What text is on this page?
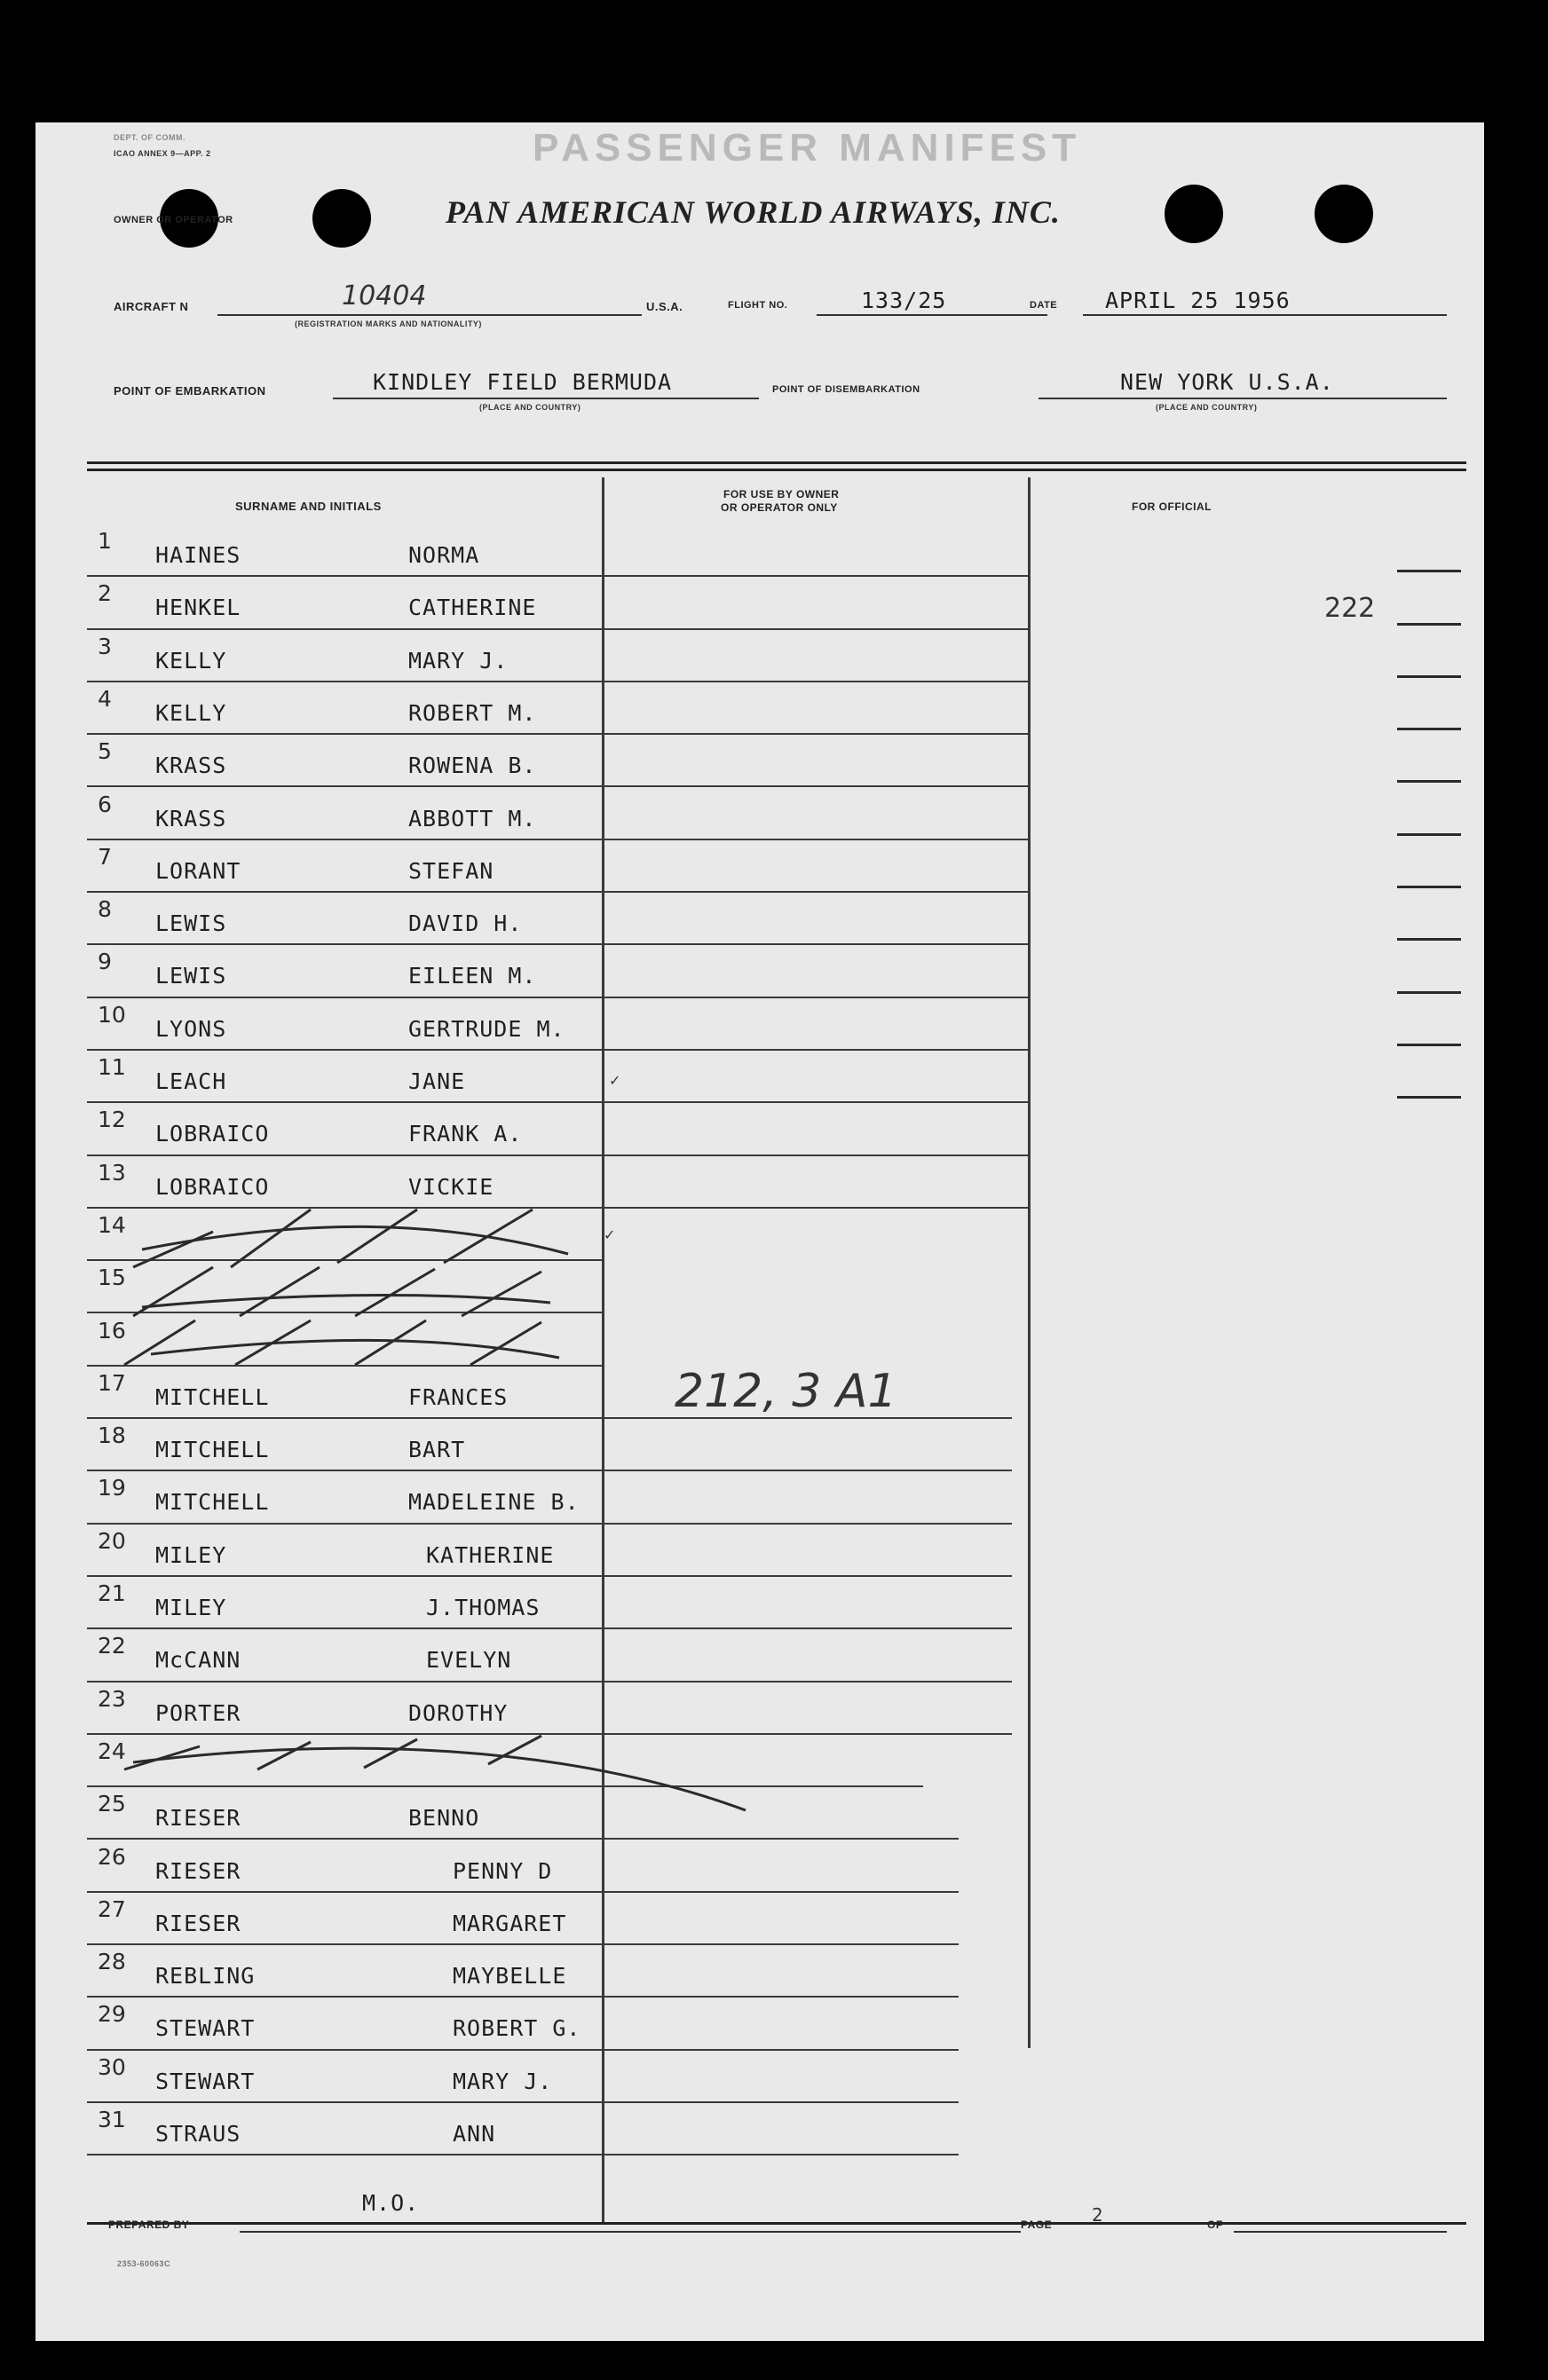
DEPT. OF COMM.
ICAO ANNEX 9—APP. 2	PASSENGER MANIFEST
OWNER OR OPERATOR	PAN AMERICAN WORLD AIRWAYS, INC.
AIRCRAFT N	10404
(REGISTRATION MARKS AND NATIONALITY)
U.S.A.	FLIGHT NO.	133/25	DATE APRIL 25 1956
POINT OF EMBARKATION	KINDLEY FIELD BERMUDA
(PLACE AND COUNTRY)
POINT OF DISEMBARKATION	NEW YORK U.S.A.
(PLACE AND COUNTRY)
SURNAME AND INITIALS
FOR USE BY OWNER
OR OPERATOR ONLY	FOR OFFICIAL
1
HAINES	NORMA
2
HENKEL	CATHERINE
3
KELLY	MARY J.
4
KELLY	ROBERT M.
5
KRASS	ROWENA B.
6
KRASS	ABBOTT M.
7
LORANT	STEFAN
8
LEWIS	DAVID H.
9
LEWIS	EILEEN M.
10
LYONS	GERTRUDE M.
11
LEACH	JANE
12
LOBRAICO	FRANK A.
13
LOBRAICO	VICKIE
14
15
16
17
MITCHELL	FRANCES
18
MITCHELL	BART
19
MITCHELL	MADELEINE B.
20
MILEY	KATHERINE
21
MILEY	J.THOMAS
22
McCANN	EVELYN
23
PORTER	DOROTHY
24
25
RIESER	BENNO
26
RIESER	PENNY D
27
RIESER	MARGARET
28
REBLING	MAYBELLE
29
STEWART	ROBERT G.
30
STEWART	MARY J.
31
STRAUS	ANN
222
212, 3 A1
✓
✓
PREPARED BY
M.O.
PAGE 2	OF
2353-60063C
